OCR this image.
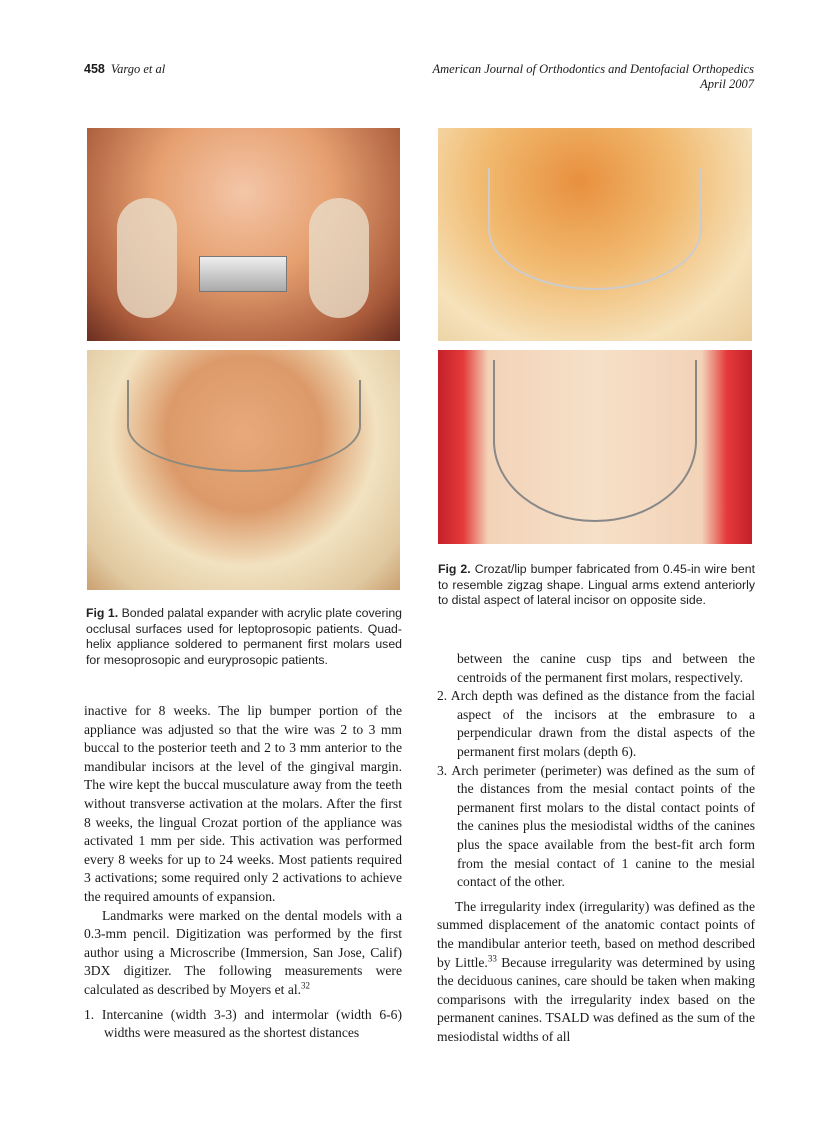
458 Vargo et al	American Journal of Orthodontics and Dentofacial Orthopedics
April 2007
Fig 1. Bonded palatal expander with acrylic plate covering occlusal surfaces used for leptoprosopic patients. Quad-helix appliance soldered to permanent first molars used for mesoprosopic and euryprosopic patients.
Fig 2. Crozat/lip bumper fabricated from 0.45-in wire bent to resemble zigzag shape. Lingual arms extend anteriorly to distal aspect of lateral incisor on opposite side.

inactive for 8 weeks. The lip bumper portion of the appliance was adjusted so that the wire was 2 to 3 mm buccal to the posterior teeth and 2 to 3 mm anterior to the mandibular incisors at the level of the gingival margin. The wire kept the buccal musculature away from the teeth without transverse activation at the molars. After the first 8 weeks, the lingual Crozat portion of the appliance was activated 1 mm per side. This activation was performed every 8 weeks for up to 24 weeks. Most patients required 3 activations; some required only 2 activations to achieve the required amounts of expansion.

Landmarks were marked on the dental models with a 0.3-mm pencil. Digitization was performed by the first author using a Microscribe (Immersion, San Jose, Calif) 3DX digitizer. The following measurements were calculated as described by Moyers et al.$^{32}$

1. Intercanine (width 3-3) and intermolar (width 6-6) widths were measured as the shortest distances

between the canine cusp tips and between the centroids of the permanent first molars, respectively.

2. Arch depth was defined as the distance from the facial aspect of the incisors at the embrasure to a perpendicular drawn from the distal aspects of the permanent first molars (depth 6).

3. Arch perimeter (perimeter) was defined as the sum of the distances from the mesial contact points of the permanent first molars to the distal contact points of the canines plus the mesiodistal widths of the canines plus the space available from the best-fit arch form from the mesial contact of 1 canine to the mesial contact of the other.

The irregularity index (irregularity) was defined as the summed displacement of the anatomic contact points of the mandibular anterior teeth, based on method described by Little.$^{33}$ Because irregularity was determined by using the deciduous canines, care should be taken when making comparisons with the irregularity index based on the permanent canines. TSALD was defined as the sum of the mesiodistal widths of all
